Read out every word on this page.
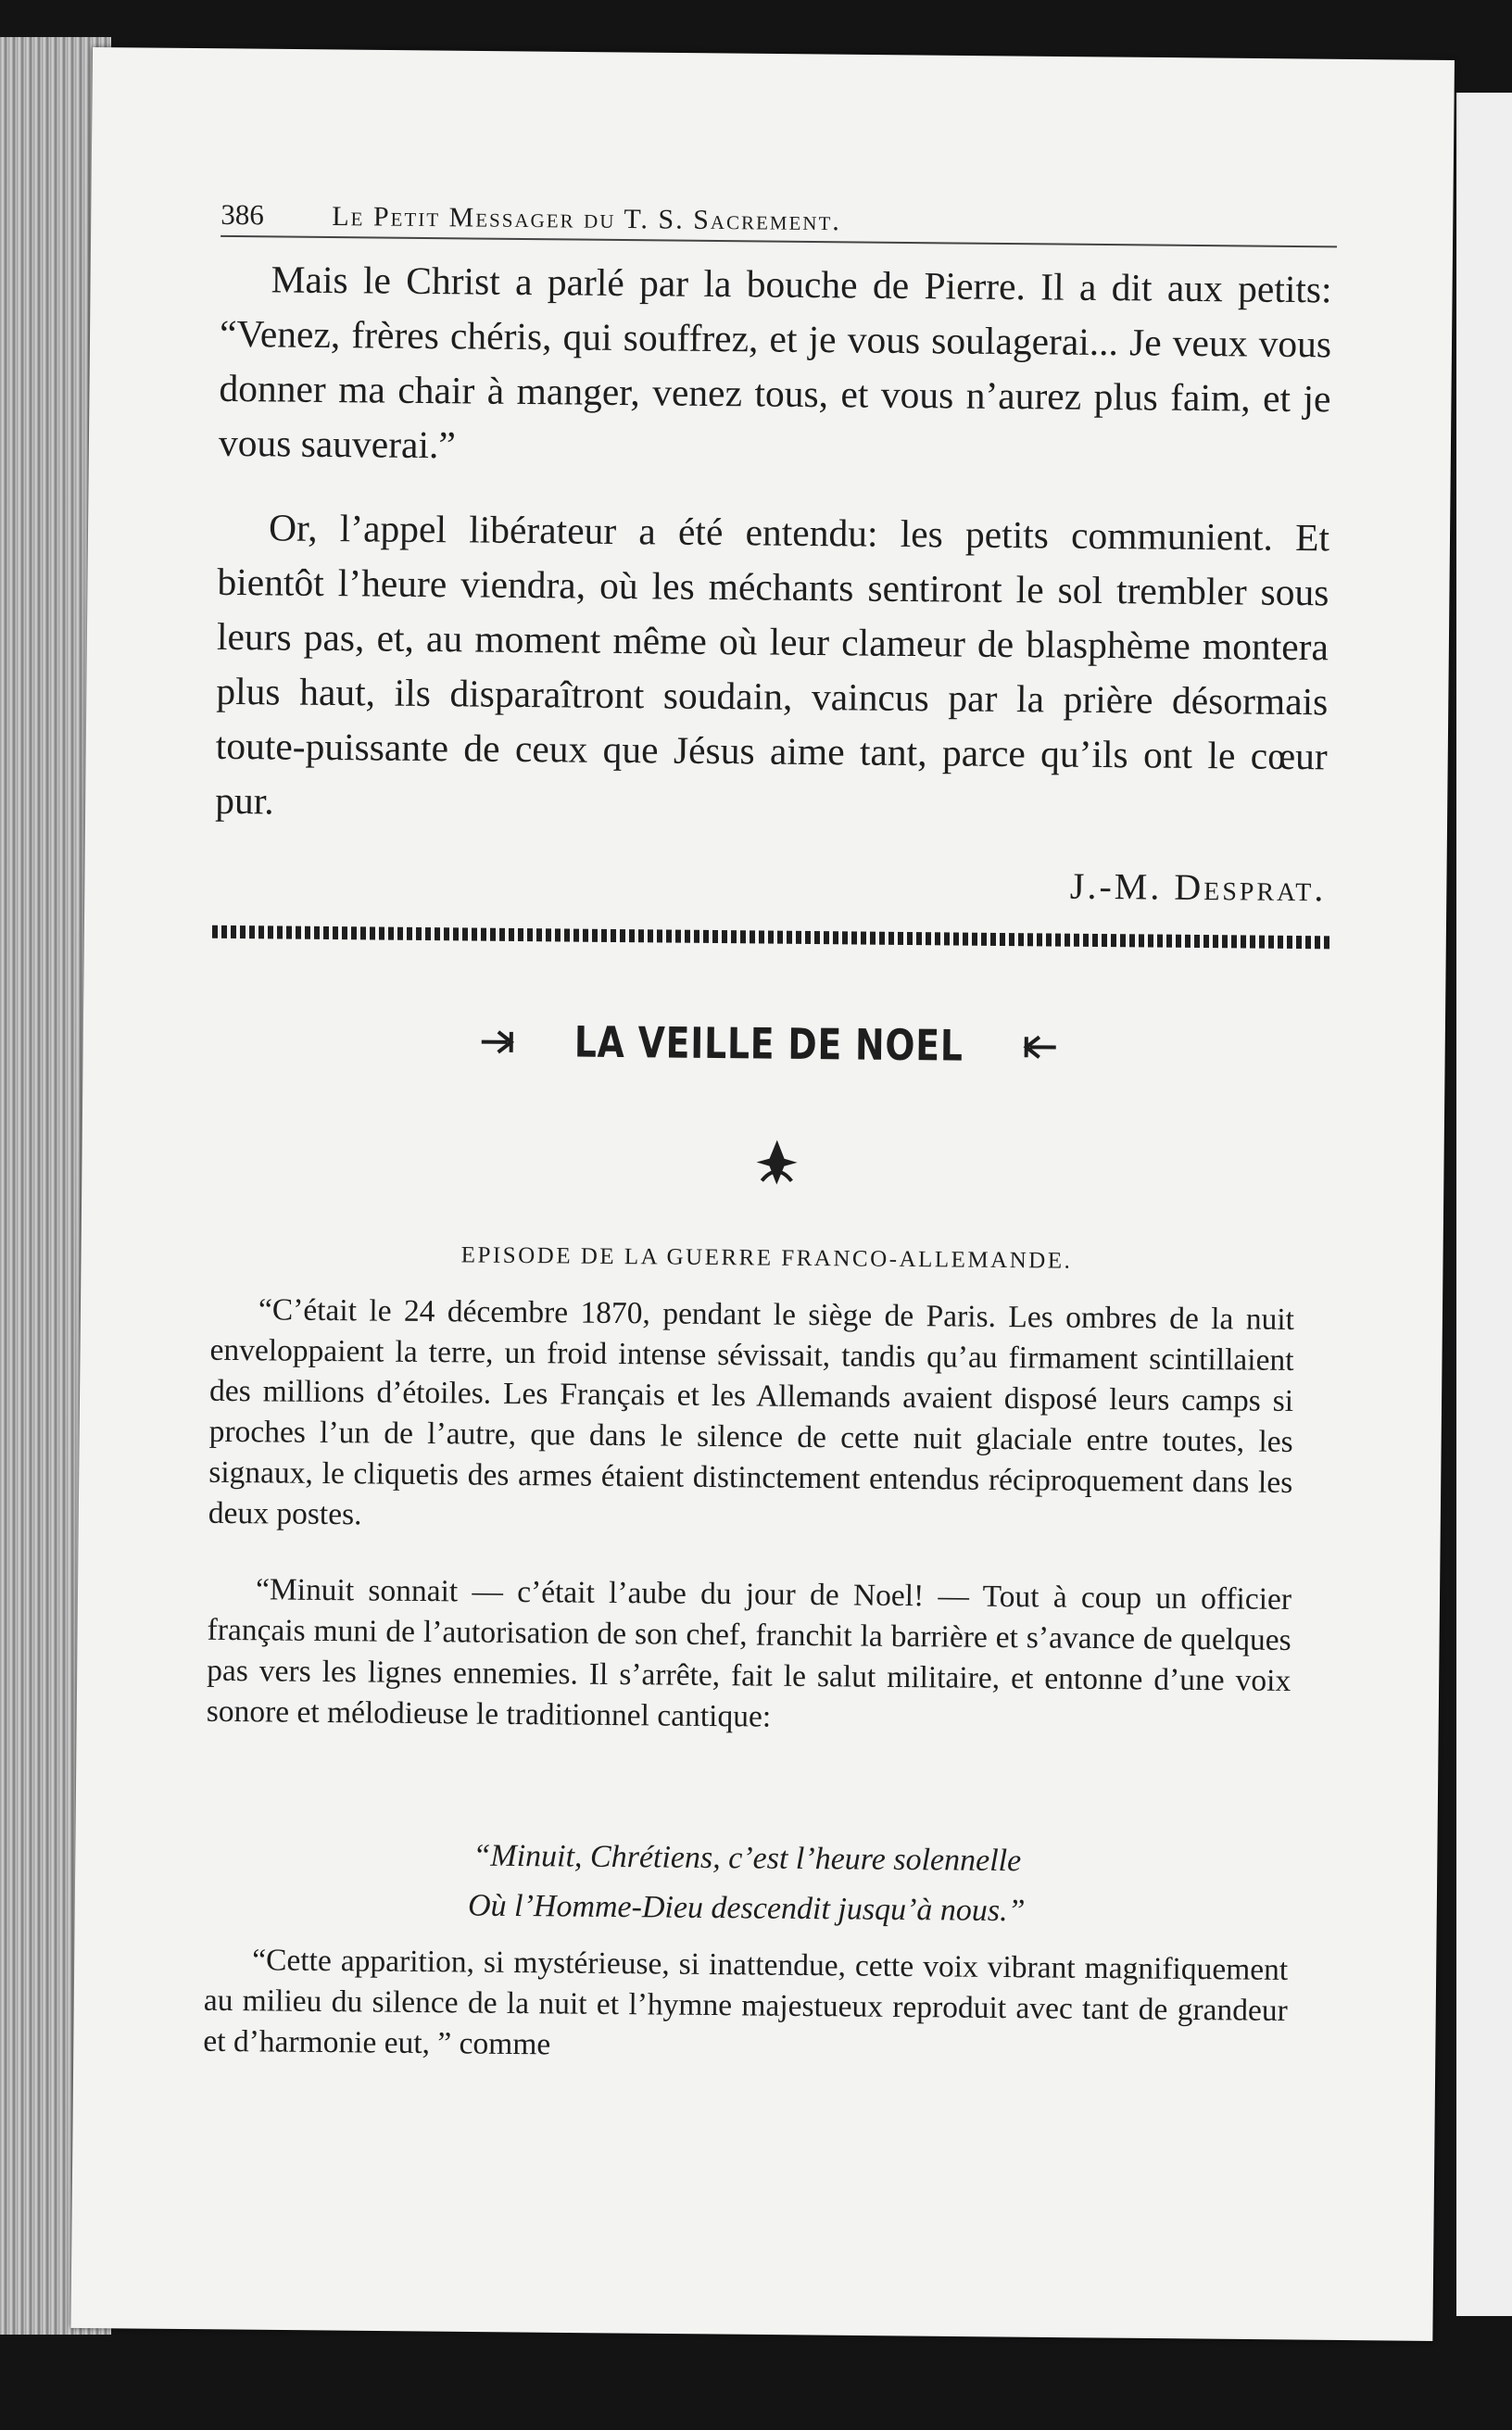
386	Le Petit Messager du T. S. Sacrement.

Mais le Christ a parlé par la bouche de Pierre. Il a dit aux petits: “Venez, frères chéris, qui souffrez, et je vous soulagerai... Je veux vous donner ma chair à manger, venez tous, et vous n’aurez plus faim, et je vous sauverai.”

Or, l’appel libérateur a été entendu: les petits communient. Et bientôt l’heure viendra, où les méchants sentiront le sol trembler sous leurs pas, et, au moment même où leur clameur de blasphème montera plus haut, ils disparaîtront soudain, vaincus par la prière désormais toute-puissante de ceux que Jésus aime tant, parce qu’ils ont le cœur pur.

J.-M. Desprat.
LA VEILLE DE NOEL
EPISODE DE LA GUERRE FRANCO-ALLEMANDE.

“C’était le 24 décembre 1870, pendant le siège de Paris. Les ombres de la nuit enveloppaient la terre, un froid intense sévissait, tandis qu’au firmament scintillaient des millions d’étoiles. Les Français et les Allemands avaient disposé leurs camps si proches l’un de l’autre, que dans le silence de cette nuit glaciale entre toutes, les signaux, le cliquetis des armes étaient distinctement entendus réciproquement dans les deux postes.

“Minuit sonnait — c’était l’aube du jour de Noel! — Tout à coup un officier français muni de l’autorisation de son chef, franchit la barrière et s’avance de quelques pas vers les lignes ennemies. Il s’arrête, fait le salut militaire, et entonne d’une voix sonore et mélodieuse le traditionnel cantique:

“Minuit, Chrétiens, c’est l’heure solennelle
Où l’Homme-Dieu descendit jusqu’à nous.”

“Cette apparition, si mystérieuse, si inattendue, cette voix vibrant magnifiquement au milieu du silence de la nuit et l’hymne majestueux reproduit avec tant de grandeur et d’harmonie eut, ” comme
